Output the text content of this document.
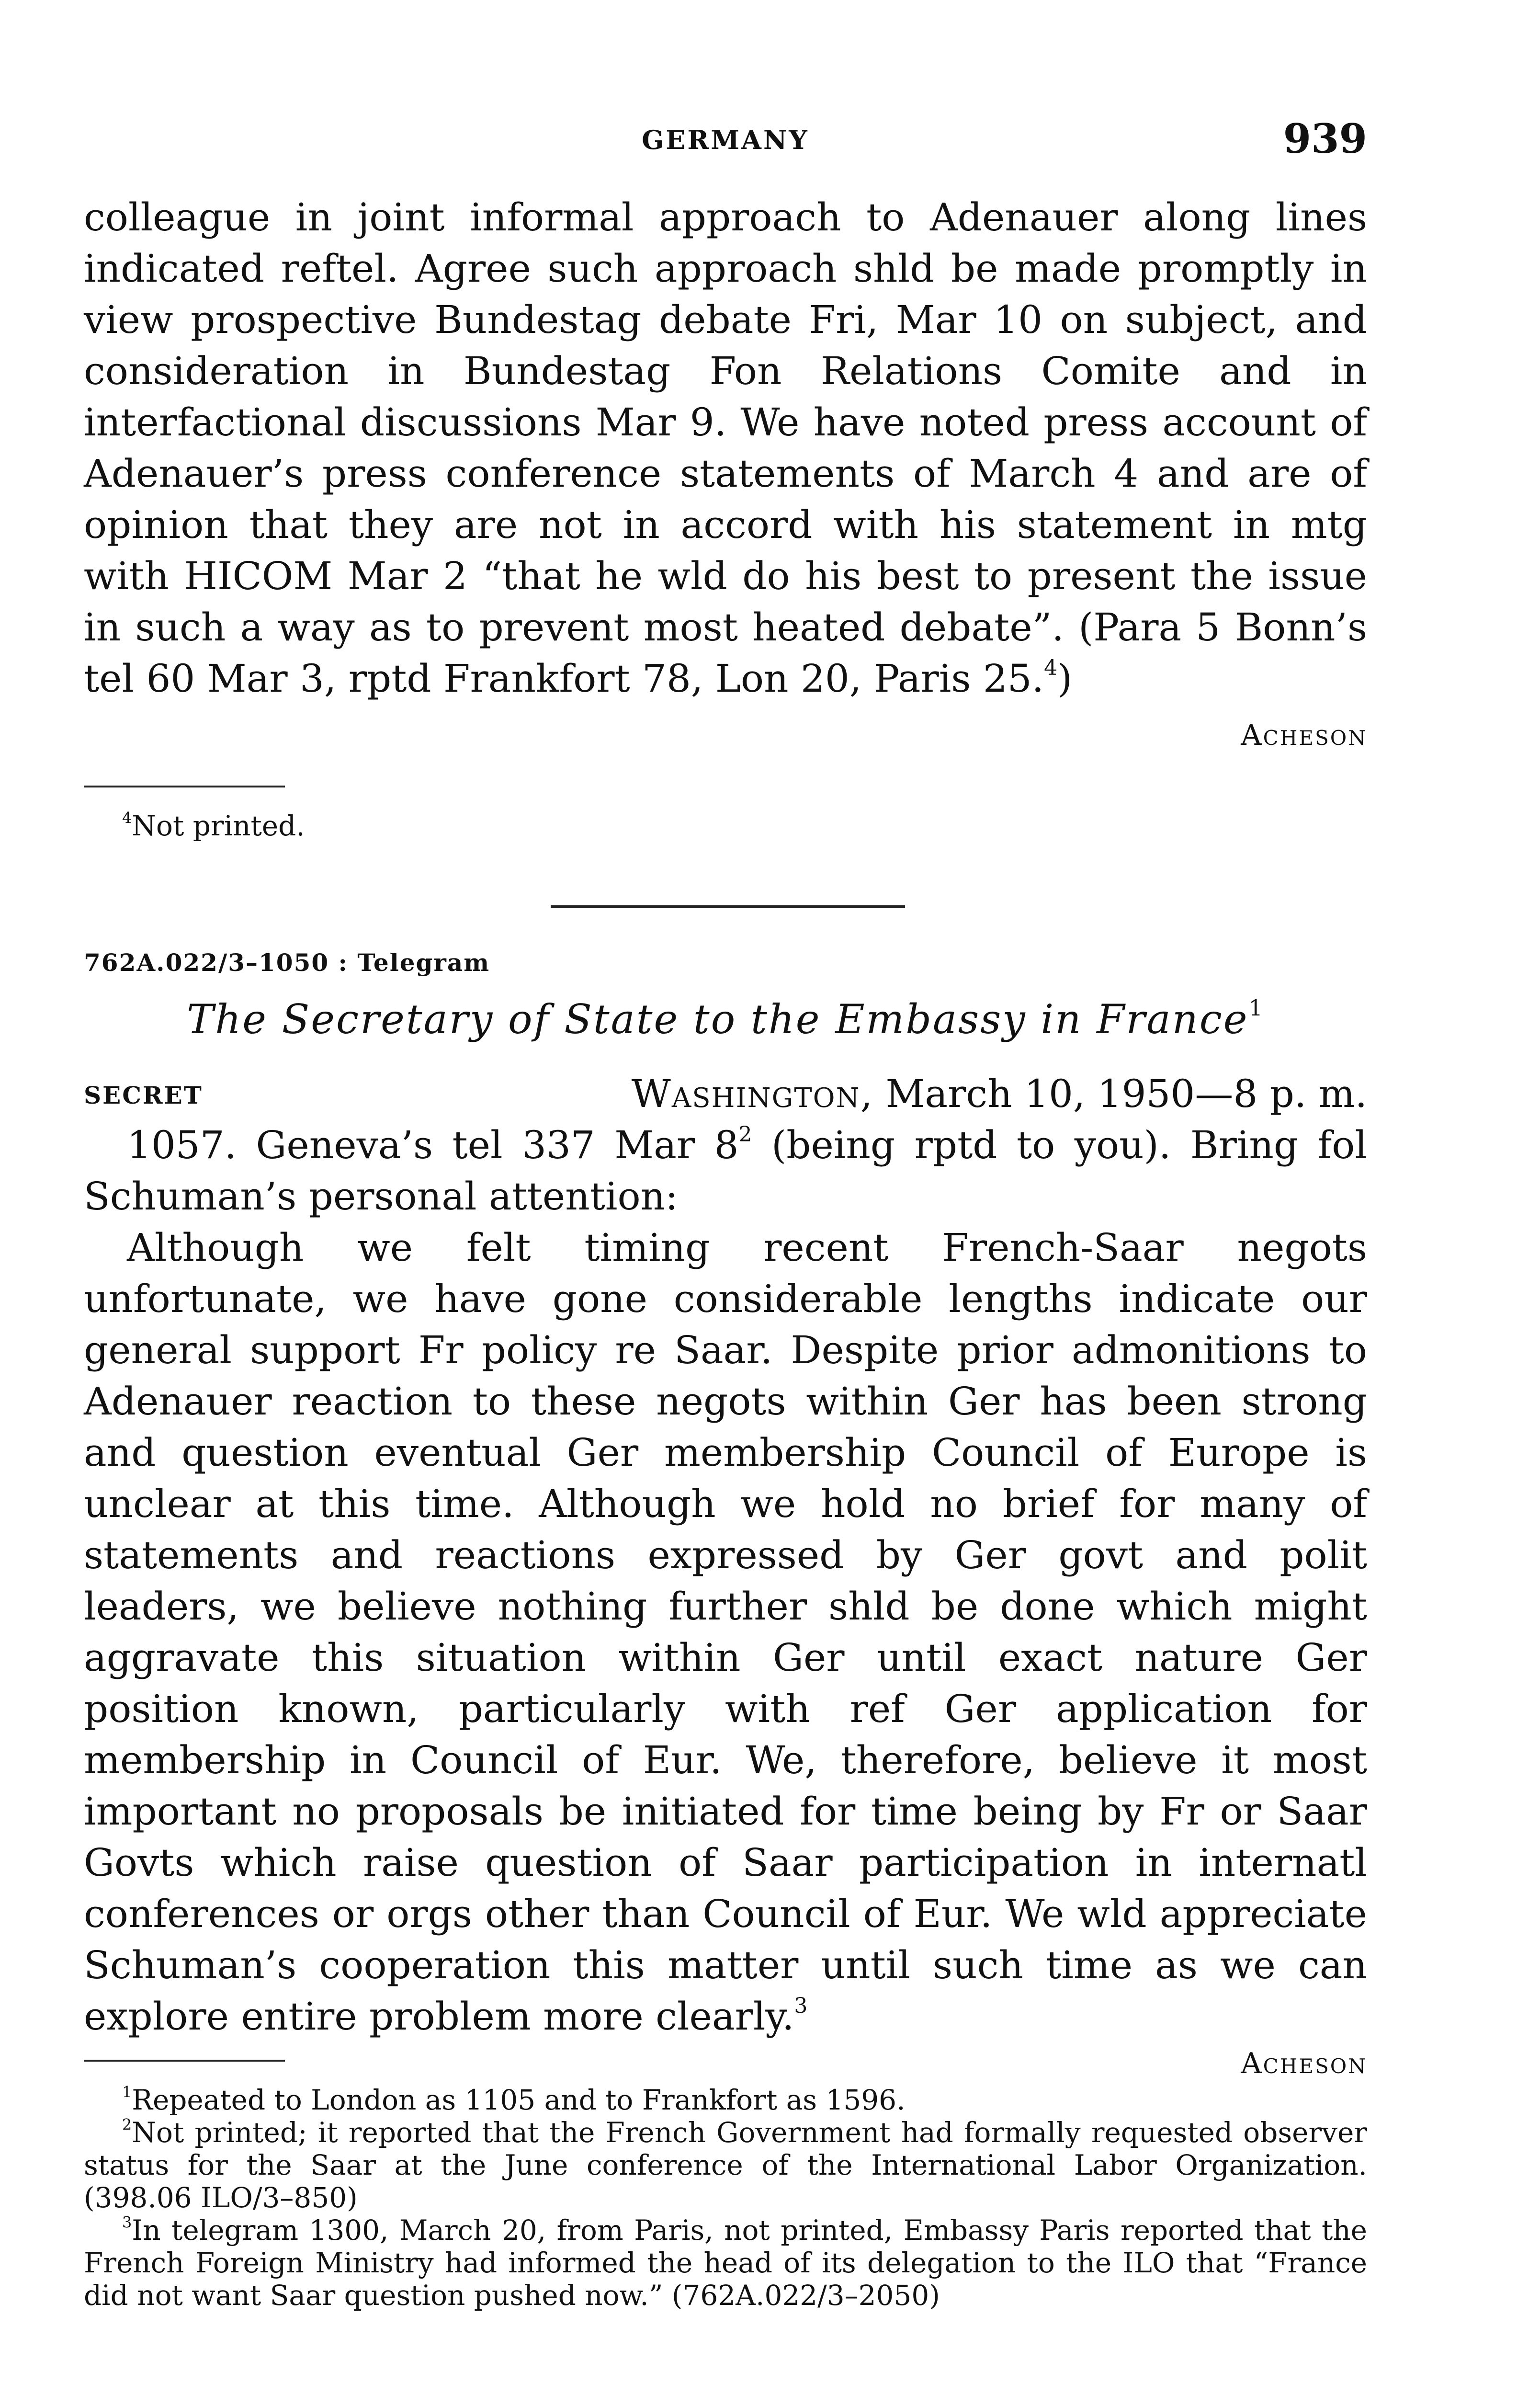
GERMANY	939

colleague in joint informal approach to Adenauer along lines indicated reftel. Agree such approach shld be made promptly in view prospective Bundestag debate Fri, Mar 10 on subject, and consideration in Bundestag Fon Relations Comite and in interfactional discussions Mar 9. We have noted press account of Adenauer’s press conference statements of March 4 and are of opinion that they are not in accord with his statement in mtg with HICOM Mar 2 “that he wld do his best to present the issue in such a way as to prevent most heated debate”. (Para 5 Bonn’s tel 60 Mar 3, rptd Frankfort 78, Lon 20, Paris 25.$^4$)

Acheson

$^4$Not printed.

762A.022/3–1050 : Telegram
The Secretary of State to the Embassy in France$^1$
SECRET	Washington, March 10, 1950—8 p. m.

1057. Geneva’s tel 337 Mar $8^2$ (being rptd to you). Bring fol Schuman’s personal attention:

Although we felt timing recent French-Saar negots unfortunate, we have gone considerable lengths indicate our general support Fr policy re Saar. Despite prior admonitions to Adenauer reaction to these negots within Ger has been strong and question eventual Ger membership Council of Europe is unclear at this time. Although we hold no brief for many of statements and reactions expressed by Ger govt and polit leaders, we believe nothing further shld be done which might aggravate this situation within Ger until exact nature Ger position known, particularly with ref Ger application for membership in Council of Eur. We, therefore, believe it most important no proposals be initiated for time being by Fr or Saar Govts which raise question of Saar participation in internatl conferences or orgs other than Council of Eur. We wld appreciate Schuman’s cooperation this matter until such time as we can explore entire problem more clearly.$^3$

Acheson

$^1$Repeated to London as 1105 and to Frankfort as 1596.

$^2$Not printed; it reported that the French Government had formally requested observer status for the Saar at the June conference of the International Labor Organization. (398.06 ILO/3–850)

$^3$In telegram 1300, March 20, from Paris, not printed, Embassy Paris reported that the French Foreign Ministry had informed the head of its delegation to the ILO that “France did not want Saar question pushed now.” (762A.022/3–2050)
